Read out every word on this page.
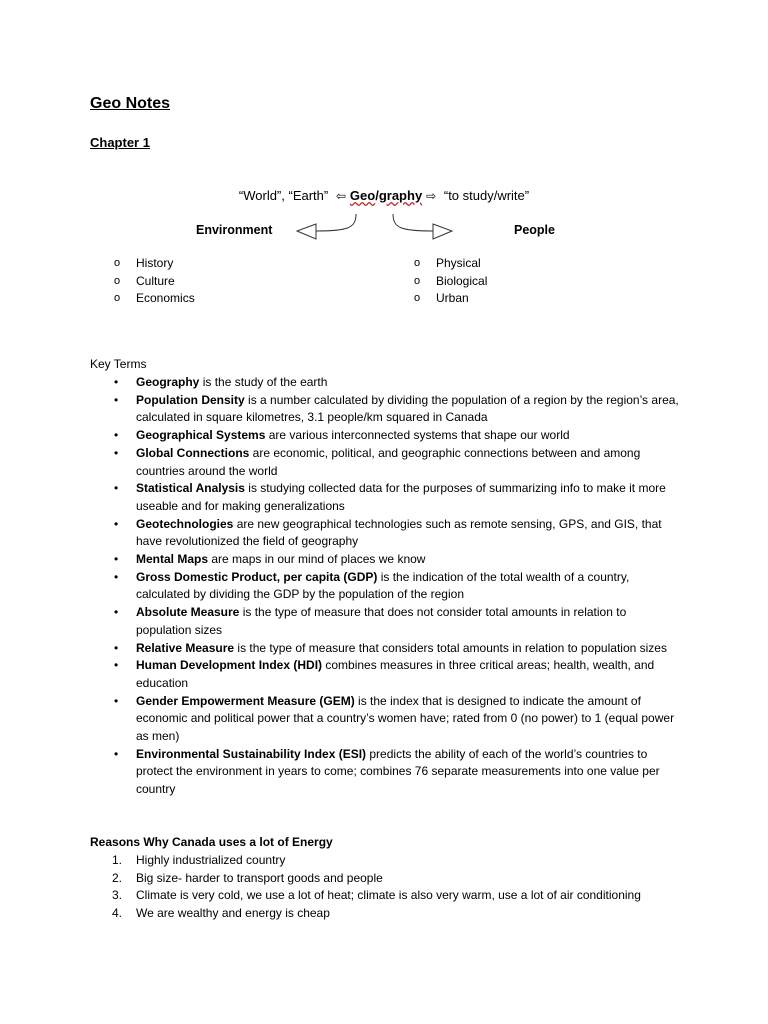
Geo Notes
Chapter 1
“World”, “Earth” ⇦ Geo/graphy ⇨ “to study/write”
Environment	People
o History
o Culture
o Economics
o Physical
o Biological
o Urban
Key Terms
• Geography is the study of the earth
• Population Density is a number calculated by dividing the population of a region by the region’s area, calculated in square kilometres, 3.1 people/km squared in Canada
• Geographical Systems are various interconnected systems that shape our world
• Global Connections are economic, political, and geographic connections between and among countries around the world
• Statistical Analysis is studying collected data for the purposes of summarizing info to make it more useable and for making generalizations
• Geotechnologies are new geographical technologies such as remote sensing, GPS, and GIS, that have revolutionized the field of geography
• Mental Maps are maps in our mind of places we know
• Gross Domestic Product, per capita (GDP) is the indication of the total wealth of a country, calculated by dividing the GDP by the population of the region
• Absolute Measure is the type of measure that does not consider total amounts in relation to population sizes
• Relative Measure is the type of measure that considers total amounts in relation to population sizes
• Human Development Index (HDI) combines measures in three critical areas; health, wealth, and education
• Gender Empowerment Measure (GEM) is the index that is designed to indicate the amount of economic and political power that a country’s women have; rated from 0 (no power) to 1 (equal power as men)
• Environmental Sustainability Index (ESI) predicts the ability of each of the world’s countries to protect the environment in years to come; combines 76 separate measurements into one value per country
Reasons Why Canada uses a lot of Energy
1. Highly industrialized country
2. Big size- harder to transport goods and people
3. Climate is very cold, we use a lot of heat; climate is also very warm, use a lot of air conditioning
4. We are wealthy and energy is cheap
